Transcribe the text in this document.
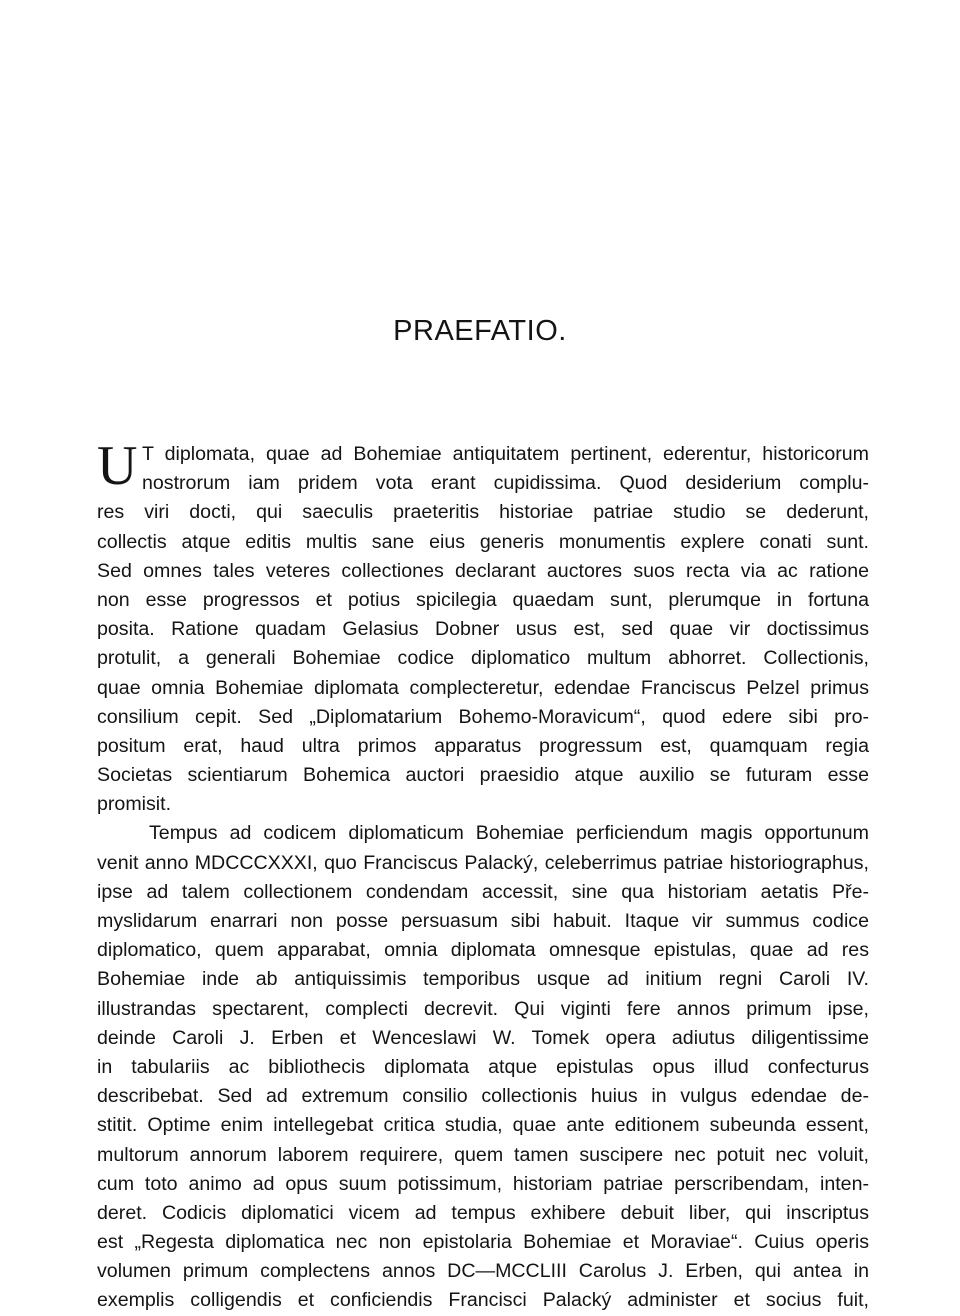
PRAEFATIO.
U T diplomata, quae ad Bohemiae antiquitatem pertinent, ederentur, historicorum
nostrorum iam pridem vota erant cupidissima. Quod desiderium complu-
res viri docti, qui saeculis praeteritis historiae patriae studio se dederunt,
collectis atque editis multis sane eius generis monumentis explere conati sunt.
Sed omnes tales veteres collectiones declarant auctores suos recta via ac ratione
non esse progressos et potius spicilegia quaedam sunt, plerumque in fortuna
posita. Ratione quadam Gelasius Dobner usus est, sed quae vir doctissimus
protulit, a generali Bohemiae codice diplomatico multum abhorret. Collectionis,
quae omnia Bohemiae diplomata complecteretur, edendae Franciscus Pelzel primus
consilium cepit. Sed „Diplomatarium Bohemo-Moravicum“, quod edere sibi pro-
positum erat, haud ultra primos apparatus progressum est, quamquam regia
Societas scientiarum Bohemica auctori praesidio atque auxilio se futuram esse
promisit.
Tempus ad codicem diplomaticum Bohemiae perficiendum magis opportunum
venit anno MDCCCXXXI, quo Franciscus Palacký, celeberrimus patriae historiographus,
ipse ad talem collectionem condendam accessit, sine qua historiam aetatis Pře-
myslidarum enarrari non posse persuasum sibi habuit. Itaque vir summus codice
diplomatico, quem apparabat, omnia diplomata omnesque epistulas, quae ad res
Bohemiae inde ab antiquissimis temporibus usque ad initium regni Caroli IV.
illustrandas spectarent, complecti decrevit. Qui viginti fere annos primum ipse,
deinde Caroli J. Erben et Wenceslawi W. Tomek opera adiutus diligentissime
in tabulariis ac bibliothecis diplomata atque epistulas opus illud confecturus
describebat. Sed ad extremum consilio collectionis huius in vulgus edendae de-
stitit. Optime enim intellegebat critica studia, quae ante editionem subeunda essent,
multorum annorum laborem requirere, quem tamen suscipere nec potuit nec voluit,
cum toto animo ad opus suum potissimum, historiam patriae perscribendam, inten-
deret. Codicis diplomatici vicem ad tempus exhibere debuit liber, qui inscriptus
est „Regesta diplomatica nec non epistolaria Bohemiae et Moraviae“. Cuius operis
volumen primum complectens annos DC—MCCLIII Carolus J. Erben, qui antea in
exemplis colligendis et conficiendis Francisci Palacký administer et socius fuit,
